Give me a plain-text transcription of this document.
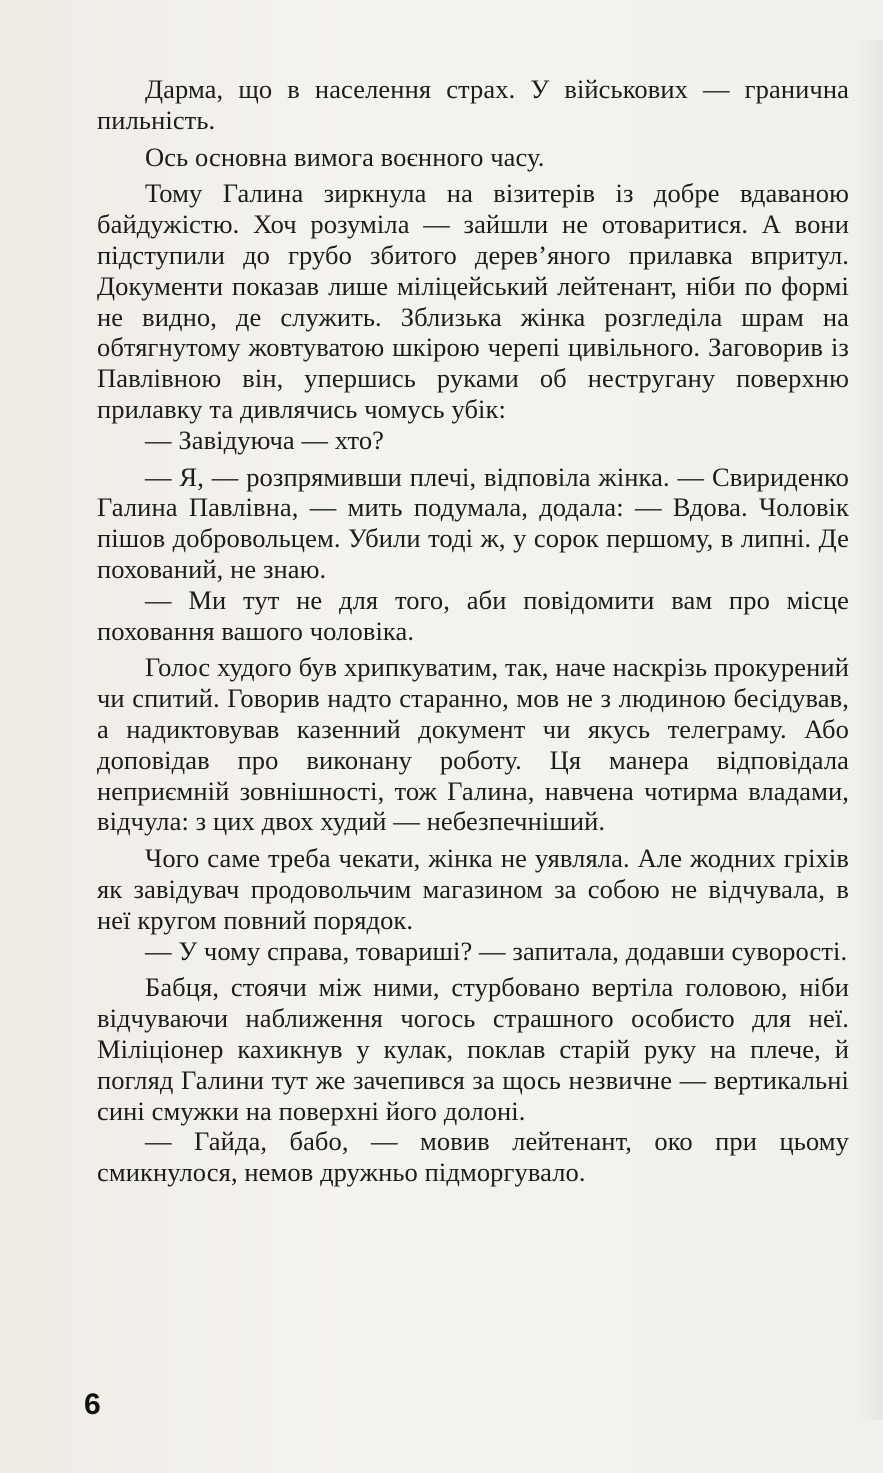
Дарма, що в населення страх. У військових — гранична пильність.

Ось основна вимога воєнного часу.

Тому Галина зиркнула на візитерів із добре вдаваною байдужістю. Хоч розуміла — зайшли не отоваритися. А вони підступили до грубо збитого дерев’яного прилавка впритул. Документи показав лише міліцейський лейтенант, ніби по формі не видно, де служить. Зблизька жінка розгледіла шрам на обтягнутому жовтуватою шкірою черепі цивільного. Заговорив із Павлівною він, упершись руками об нестругану поверхню прилавку та дивлячись чомусь убік:

— Завідуюча — хто?

— Я, — розпрямивши плечі, відповіла жінка. — Свириденко Галина Павлівна, — мить подумала, додала: — Вдова. Чоловік пішов добровольцем. Убили тоді ж, у сорок першому, в липні. Де похований, не знаю.

— Ми тут не для того, аби повідомити вам про місце поховання вашого чоловіка.

Голос худого був хрипкуватим, так, наче наскрізь прокурений чи спитий. Говорив надто старанно, мов не з людиною бесідував, а надиктовував казенний документ чи якусь телеграму. Або доповідав про виконану роботу. Ця манера відповідала неприємній зовнішності, тож Галина, навчена чотирма владами, відчула: з цих двох худий — небезпечніший.

Чого саме треба чекати, жінка не уявляла. Але жодних гріхів як завідувач продовольчим магазином за собою не відчувала, в неї кругом повний порядок.

— У чому справа, товариші? — запитала, додавши суворості.

Бабця, стоячи між ними, стурбовано вертіла головою, ніби відчуваючи наближення чогось страшного особисто для неї. Міліціонер кахикнув у кулак, поклав старій руку на плече, й погляд Галини тут же зачепився за щось незвичне — вертикальні сині смужки на поверхні його долоні.

— Гайда, бабо, — мовив лейтенант, око при цьому смикнулося, немов дружньо підморгувало.

6
